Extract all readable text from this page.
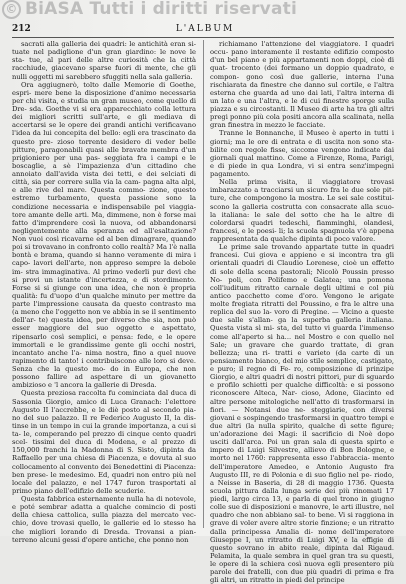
© BiASA Tutti i diritti riservati
212	L'ALBUM

sacrati alla galleria dei quadri: le antichità eran si- tuate nel padiglione d'un gran giardino: le nove le sta- tue, al pari delle altre curiosità che la città racchiude, giacevano sparse fuori di mente, che gli nulli oggetti mi sarebbero sfuggiti nella sala galleria.

Ora aggiugnerò, tolto dalle Memorie di Goethe, espri- mere bene la disposizione d'animo necessaria per chi visita, e studia un gran museo, come quello di Dre- sda. Goethe vi si era apparecchiato colla lettura dei migliori scritti sull'arte, e gli mediava di accertarsi se le opere dei grandi antichi verificavano l'idea da lui concepita del bello: egli era trascinato da questo pre- zioso torrente desidero di veder belle pitture, paragonabili quasi alle bravate membra d'un prigioniero per una pas- seggiata fra i campi e le boscaglie, a sè l'impazienza d'un cittadino che annoiato dall'avida vista dei tetti, e dei selciati di città, sia per correre sulla via la cam- pagna alta alpi, e alle rive del mare. Questa commo- zione, questo estremo turbamento, questa passione sono la condizione necessaria e indispensabile pel viaggia- tore amante delle arti. Ma, dimmene, non è forse mai fatto d'imprendere così la nuova, od abbandonarsi negligentemente alla speranza ed all'esaltazione? Non vuoi così ricavarne ed al ben dimagrare, quando poi si trovavano in confronto collo realtà? Ma l'è nalla bontà e brama, quando si hanno veramente di mira i capo- lavori dell'arte, non appreso sempre la debole im- stra immaginativa. Al primo vederli pur devi che si provi un istante d'incertezza, e di stordimento. Forse si si giunge con una idea, che non è propria qualità: fu d'uopo d'un qualche minuto per mettre da parte l'impressione causata da questo contrasto ma (a meno che l'oggetto non ve abbia in se il sentimento dell'ar- te) questa idea, per diverso che sia, non può esser maggiore del suo oggetto e aspettato, ripensarlo così semplici, e pensa: fede, e le opere immortali e le grandissime gente gli occhi nostri, incantato anche l'a- nima nostra, fino a quel nuove rapimento di tanto! i contribuiscono alle loro si deve. Senza che la questo mo- do in Europa, che non possono fallire ad aspettare di un giovanetto ambizioso e 'l ancora la gallerie di Dresda.

Questa preziosa raccolta fu cominciata dal duca di Sassonia Giorgio, amico di Luca Granach: l'elettore Augusto II l'accrebbe, e le diè posto al secondo pia- no del suo palazzo. Il re Federico Augusto II, la dis- tinse in un tempo in cui la grande importanza, a cui si ta- le, comperando pel prezzo di cinque cento quadri scel- tissimi del duca di Modena, e al prezzo di 150,000 franchi la Madonna di S. Sisto, dipinta da Raffaello per una chiesa di Piacenza, e dovuta al suo collocamento al convento dei Benedettini di Piacenza: ben prese- le medesimo. Ed, quadri non entro più nel locale del palazzo, e nel 1747 furon trasportati al primo piano dell'edifizio delle scuderie.

Questa fabbrica esternamente nulla ha di notevole, e poté sembrar adatta a qualche comincio di posti della chiesa cattolica, sulla piazza del mercato vec- chio, dove trovasi quello, le gallerie ed lo stesso ha che migliori lorando di Dresda. Trovansi a pian- terreno alcuni gessi d'opere antiche, che ponno non

richiamano l'attenzione del viaggiatore. I quadri occu- pano interamente il restante edifizio composto d'un bel piano e più appartamenti non doppi, cioè di quat- trocento (dei formano un doppio quadrato, e compon- gono così due gallerie, interna l'una rischiarata da finestre che danno sul cortile, e l'altra esterna che guarda ad uno dai lati, l'altra interna di un lato e una l'altra, e le di cui finestre sporge sulla piazza e su circostanti. Il Museo di arte ha tra gli altri pregi ponno più cola positi ancora alla scalinata, nella gran finestra in mezzo le facciate.

Tranne le Bonnanche, il Museo è aperto in tutti i giorni; ma le ore di entrata e di uscita non sono sta- bilite con regole fisse, siccome vengono indicate dai giornali qual mattino. Come a Firenze, Roma, Parigi, e di piede in qua Londra, vi si entra senz'impegni pagamento.

Nella prima visita, il viaggiatore trovasi imbarazzato a tracciarsi un sicuro fra le due sole pit- ture, che compongono la mostra. Le sei sale costitui- scono la galleria costrutta con consacrate alla scuo- la italiana: le sale del sotto che ha le altre di colordarsi quadri tedeschi, fiamminghi, olandesi, francesi, e le poesi- li; la scuola spagnuola v'è appena rappresentata da qualche dipinta di poco valore.

Le prime sale trovando appartate tutte in quadri francesi. Cui giova e appieno e si incontra tra gli orientali quadri di Claudio Lorenese, cioè un effetto di sole della scena pastorali; Nicolò Poussin presso No- poli, con Polifemo e Galatea; una pomona coll'iuditum ritratto carnale degli ultimi e col più antico pacchetto come d'oro. Vengono le arigate molte fregiata ritratti del Poussino, e fra le altre una replica del suo la- voro di Pregine. — Vicino a queste due salle s'allan- ga la superba galleria italiana. Questa vista sì mi- sta, del tutto vi guarda l'immenso come all'aperto si ha... nel Mostro e con quello nel Sale; un gravare che guardo trattate, di gran bellezza; una ri- tratti e varieto (da carte di un pensiamento bianco, del mio stile semplice, castigato, e puro; il regno di Fe- ro, composizione di prinzipe Giorgio, e altri quadri di nostri pittori, pur di sguardo e profilo schietti per qualche difficoltà: e si possono riconoscere Alteca, Nar- cioso, Adone, Giacinto ed altre persone mitologiche nell'atto di trasformarsi in fiori. — Notansi due ne- steggiarie, con diversi giovani e sospingendo trasformarsi in quattro tempi e due altri (la nulla spirito, qualche di sette figure; un'adorazione dei Magi: il sacrificio di Noè dopo usciti dall'arca. Poi un gran sala di questa spirto e impero di Luigi Silvestre, allievo di Bon Bologne, e morto nel 1760: rappresenta esso l'abbraccia- mento dell'imperatore Amedeo, e Antonio Augusto fra Augusto III, re di Polonia e di suo figlio nel pe- riodo, a Neisse in Baseria, di 28 di maggio 1736. Questa scuola pittura dalla lunga serie dei più rinomati 17 piedi, largo circa 13, e parla di quel trono in giugno colle sue di disposizioni e manovre, le arti illustre, nel quadro che non abbiano sal- to bene. Vi si raggiona in grave di voler avere altre storie finzione; e un ritratto dalla principessa Amalia di- nome dell'imperatore Giuseppe I, un ritratto di Luigi XV, e la effigie di questo sovrano in abito reale, dipinta dal Rigaud. Pelamita, la quale sembra in quel gran tra su questi, le opere di la schiera così nuova egli presentero più parole dei fratelli, con due più quadri di prima e fra gli altri, un ritratto in piedi del principe
